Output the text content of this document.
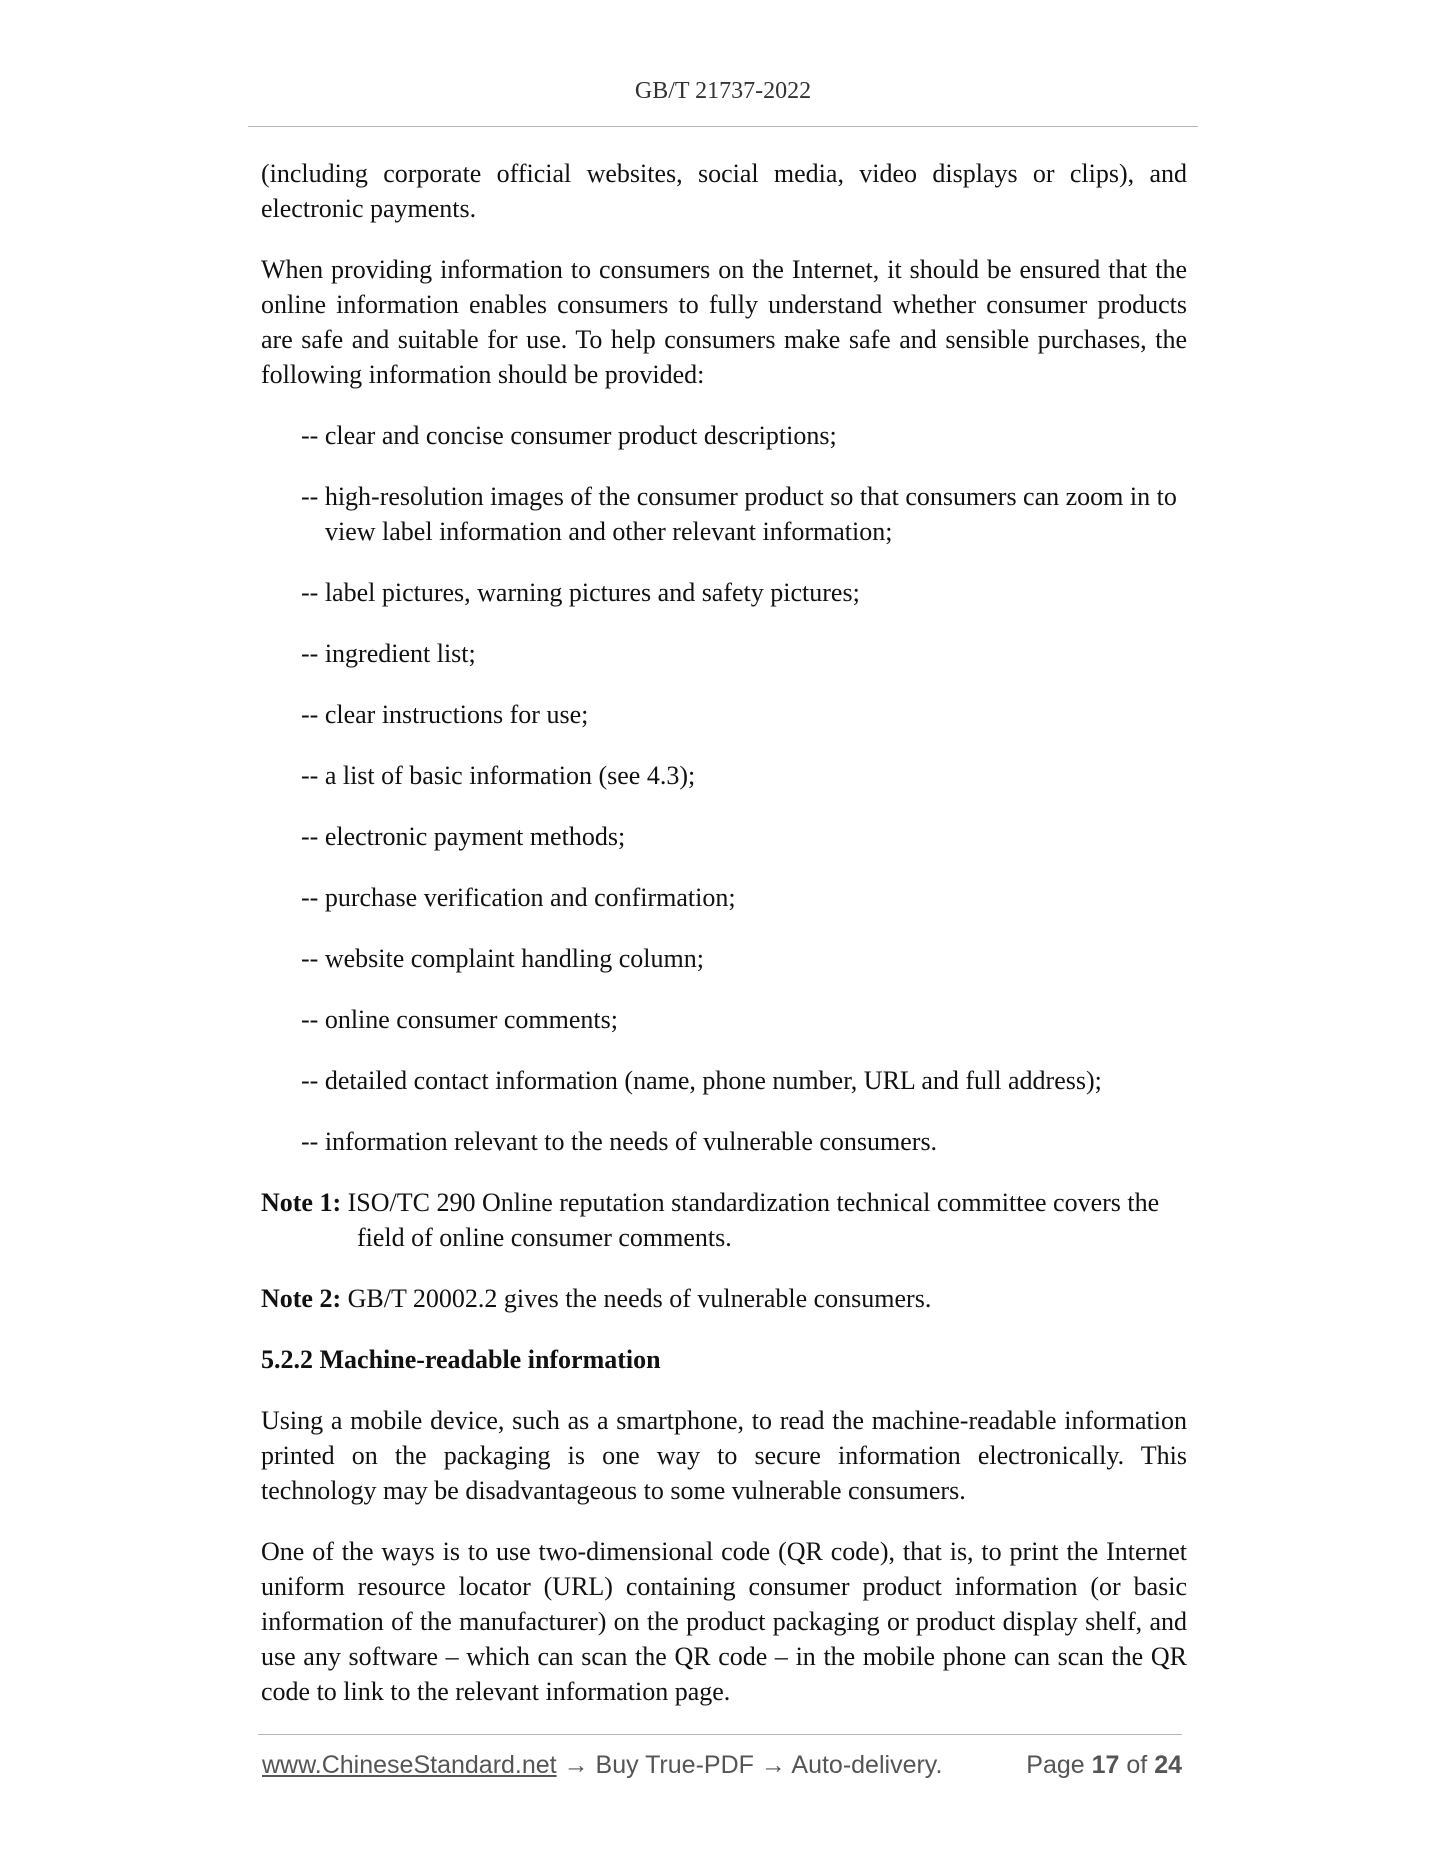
GB/T 21737-2022

(including corporate official websites, social media, video displays or clips), and electronic payments.

When providing information to consumers on the Internet, it should be ensured that the online information enables consumers to fully understand whether consumer products are safe and suitable for use. To help consumers make safe and sensible purchases, the following information should be provided:

-- clear and concise consumer product descriptions;
-- high-resolution images of the consumer product so that consumers can zoom in to view label information and other relevant information;
-- label pictures, warning pictures and safety pictures;
-- ingredient list;
-- clear instructions for use;
-- a list of basic information (see 4.3);
-- electronic payment methods;
-- purchase verification and confirmation;
-- website complaint handling column;
-- online consumer comments;
-- detailed contact information (name, phone number, URL and full address);
-- information relevant to the needs of vulnerable consumers.

Note 1: ISO/TC 290 Online reputation standardization technical committee covers the field of online consumer comments.

Note 2: GB/T 20002.2 gives the needs of vulnerable consumers.

5.2.2 Machine-readable information

Using a mobile device, such as a smartphone, to read the machine-readable information printed on the packaging is one way to secure information electronically. This technology may be disadvantageous to some vulnerable consumers.

One of the ways is to use two-dimensional code (QR code), that is, to print the Internet uniform resource locator (URL) containing consumer product information (or basic information of the manufacturer) on the product packaging or product display shelf, and use any software – which can scan the QR code – in the mobile phone can scan the QR code to link to the relevant information page.

www.ChineseStandard.net → Buy True-PDF → Auto-delivery.	Page 17 of 24
